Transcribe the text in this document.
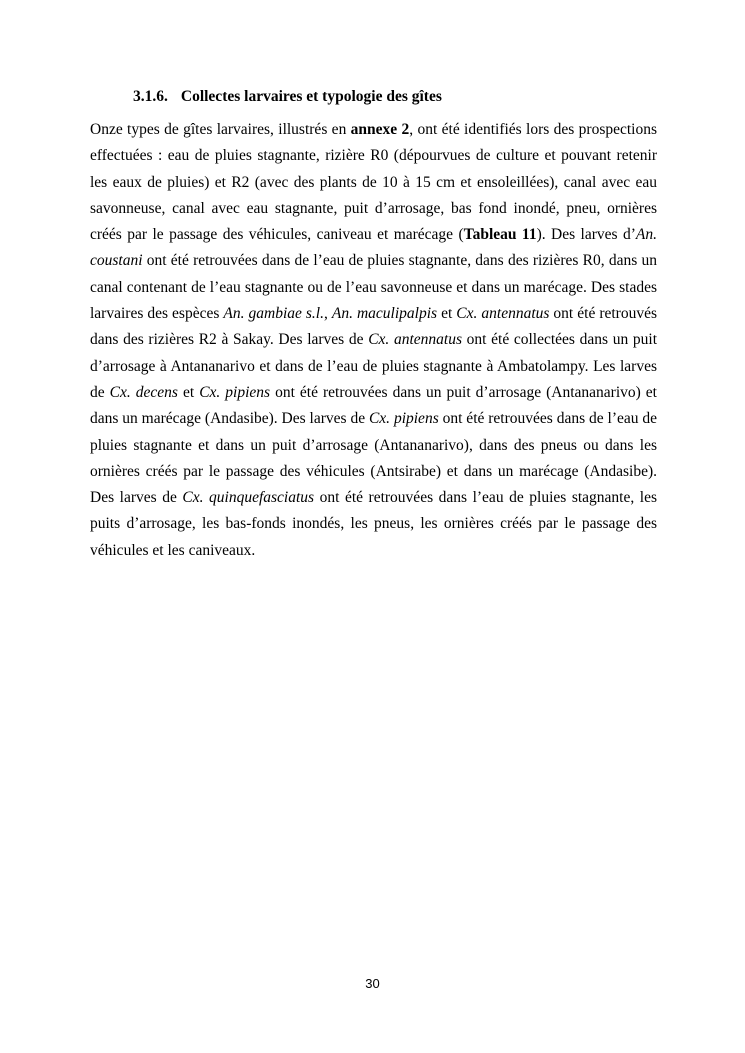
3.1.6. Collectes larvaires et typologie des gîtes

Onze types de gîtes larvaires, illustrés en annexe 2, ont été identifiés lors des prospections effectuées : eau de pluies stagnante, rizière R0 (dépourvues de culture et pouvant retenir les eaux de pluies) et R2 (avec des plants de 10 à 15 cm et ensoleillées), canal avec eau savonneuse, canal avec eau stagnante, puit d’arrosage, bas fond inondé, pneu, ornières créés par le passage des véhicules, caniveau et marécage (Tableau 11). Des larves d’An. coustani ont été retrouvées dans de l’eau de pluies stagnante, dans des rizières R0, dans un canal contenant de l’eau stagnante ou de l’eau savonneuse et dans un marécage. Des stades larvaires des espèces An. gambiae s.l., An. maculipalpis et Cx. antennatus ont été retrouvés dans des rizières R2 à Sakay. Des larves de Cx. antennatus ont été collectées dans un puit d’arrosage à Antananarivo et dans de l’eau de pluies stagnante à Ambatolampy. Les larves de Cx. decens et Cx. pipiens ont été retrouvées dans un puit d’arrosage (Antananarivo) et dans un marécage (Andasibe). Des larves de Cx. pipiens ont été retrouvées dans de l’eau de pluies stagnante et dans un puit d’arrosage (Antananarivo), dans des pneus ou dans les ornières créés par le passage des véhicules (Antsirabe) et dans un marécage (Andasibe). Des larves de Cx. quinquefasciatus ont été retrouvées dans l’eau de pluies stagnante, les puits d’arrosage, les bas-fonds inondés, les pneus, les ornières créés par le passage des véhicules et les caniveaux.

30
